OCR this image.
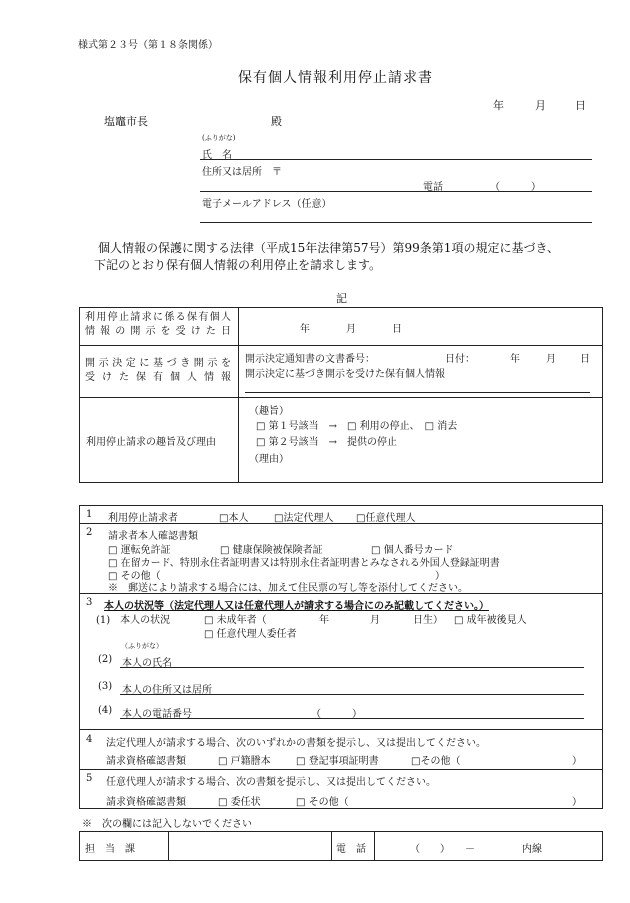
様式第２３号（第１８条関係）
保有個人情報利用停止請求書
年	月	日
塩竈市長	殿
(ふりがな)
氏　名
住所又は居所　〒
電話	（	）
電子メールアドレス（任意）
　個人情報の保護に関する法律（平成15年法律第57号）第99条第1項の規定に基づき、
下記のとおり保有個人情報の利用停止を請求します。
記
利用停止請求に係る保有個人
情報の開示を受けた日	年	月	日
開示決定に基づき開示を
受けた保有個人情報
開示決定通知書の文書番号：	日付：	年	月 日
開示決定に基づき開示を受けた保有個人情報
利用停止請求の趣旨及び理由
（趣旨）
□ 第１号該当　→　□ 利用の停止、　□ 消去
□ 第２号該当　→　提供の停止
（理由）
1 利用停止請求者	□本人	□法定代理人 □任意代理人
2 請求者本人確認書類
□ 運転免許証	□ 健康保険被保険者証	□ 個人番号カード
□ 在留カード、特別永住者証明書又は特別永住者証明書とみなされる外国人登録証明書
□ その他（	）
※　郵送により請求する場合には、加えて住民票の写し等を添付してください。
3 本人の状況等（法定代理人又は任意代理人が請求する場合にのみ記載してください。）
(1)　本人の状況	□ 未成年者（	年	月	日生） □ 成年被後見人
□ 任意代理人委任者
（ふりがな）
(2) 本人の氏名
(3) 本人の住所又は居所
(4) 本人の電話番号	（	）
4 法定代理人が請求する場合、次のいずれかの書類を提示し、又は提出してください。
請求資格確認書類	□ 戸籍謄本	□ 登記事項証明書	□その他（	）
5 任意代理人が請求する場合、次の書類を提示し、又は提出してください。
請求資格確認書類	□ 委任状	□ その他（	）
※　次の欄には記入しないでください
担　当　課	電　話	（　　）　　－	内線
